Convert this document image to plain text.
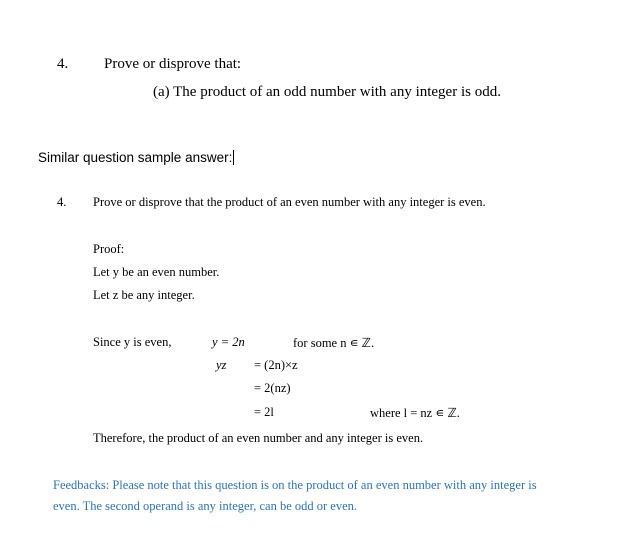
4. Prove or disprove that:
(a) The product of an odd number with any integer is odd.
Similar question sample answer:
4. Prove or disprove that the product of an even number with any integer is even.
Proof:
Let y be an even number.
Let z be any integer.
Since y is even,	y = 2n	for some n ∊ ℤ.
yz = (2n)×z
= 2(nz)
= 2l	where l = nz ∊ ℤ.
Therefore, the product of an even number and any integer is even.
Feedbacks: Please note that this question is on the product of an even number with any integer is even. The second operand is any integer, can be odd or even.
